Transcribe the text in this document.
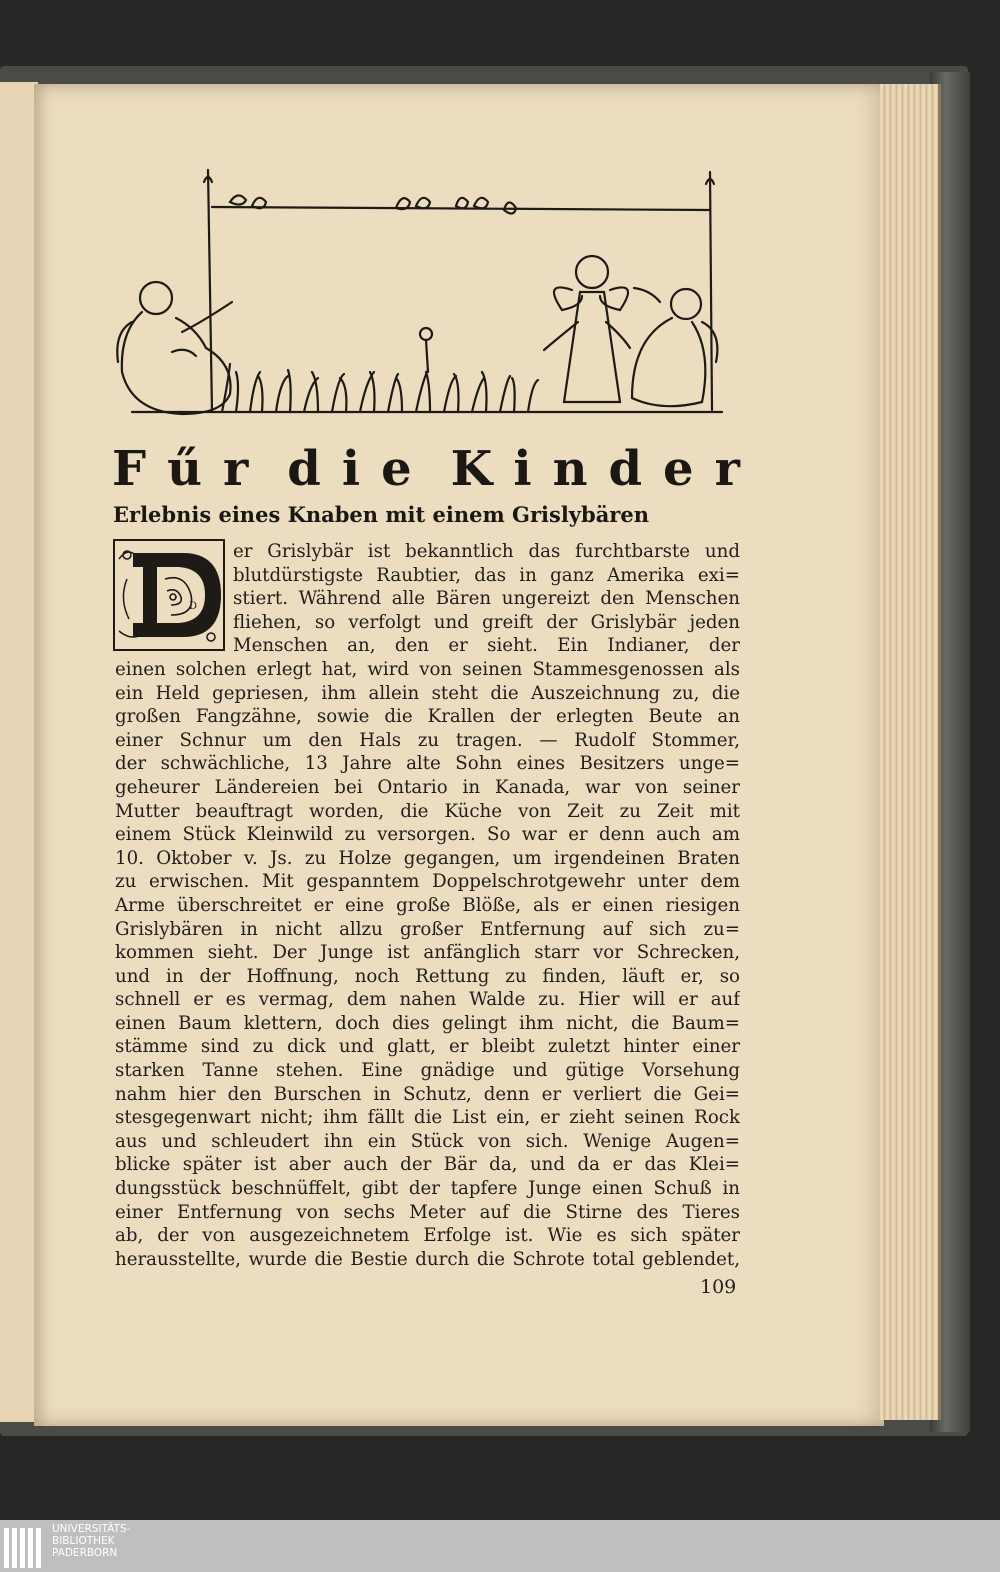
F ű r d i e K i n d e r
Erlebnis eines Knaben mit einem Grislybären
D
er Grislybär ist bekanntlich das furchtbarste und
blutdürstigste Raubtier, das in ganz Amerika exi=
stiert. Während alle Bären ungereizt den Menschen
fliehen, so verfolgt und greift der Grislybär jeden
Menschen an, den er sieht. Ein Indianer, der
einen solchen erlegt hat, wird von seinen Stammesgenossen als
ein Held gepriesen, ihm allein steht die Auszeichnung zu, die
großen Fangzähne, sowie die Krallen der erlegten Beute an
einer Schnur um den Hals zu tragen. — Rudolf Stommer,
der schwächliche, 13 Jahre alte Sohn eines Besitzers unge=
geheurer Ländereien bei Ontario in Kanada, war von seiner
Mutter beauftragt worden, die Küche von Zeit zu Zeit mit
einem Stück Kleinwild zu versorgen. So war er denn auch am
10. Oktober v. Js. zu Holze gegangen, um irgendeinen Braten
zu erwischen. Mit gespanntem Doppelschrotgewehr unter dem
Arme überschreitet er eine große Blöße, als er einen riesigen
Grislybären in nicht allzu großer Entfernung auf sich zu=
kommen sieht. Der Junge ist anfänglich starr vor Schrecken,
und in der Hoffnung, noch Rettung zu finden, läuft er, so
schnell er es vermag, dem nahen Walde zu. Hier will er auf
einen Baum klettern, doch dies gelingt ihm nicht, die Baum=
stämme sind zu dick und glatt, er bleibt zuletzt hinter einer
starken Tanne stehen. Eine gnädige und gütige Vorsehung
nahm hier den Burschen in Schutz, denn er verliert die Gei=
stesgegenwart nicht; ihm fällt die List ein, er zieht seinen Rock
aus und schleudert ihn ein Stück von sich. Wenige Augen=
blicke später ist aber auch der Bär da, und da er das Klei=
dungsstück beschnüffelt, gibt der tapfere Junge einen Schuß in
einer Entfernung von sechs Meter auf die Stirne des Tieres
ab, der von ausgezeichnetem Erfolge ist. Wie es sich später
herausstellte, wurde die Bestie durch die Schrote total geblendet,
109
UNIVERSITÄTS-
BIBLIOTHEK
PADERBORN
